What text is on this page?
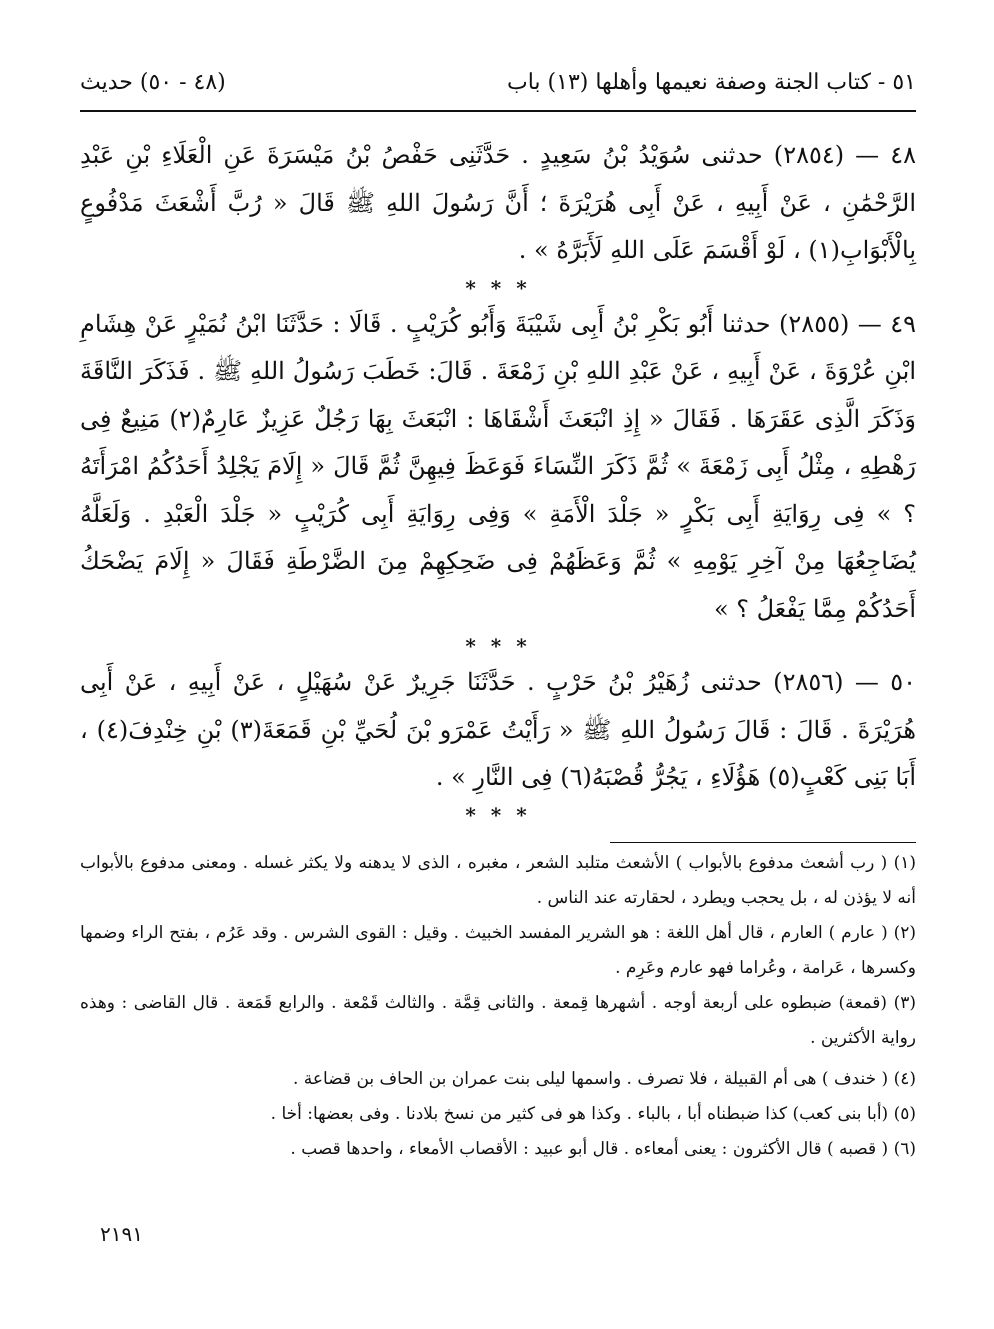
٥١ - كتاب الجنة وصفة نعيمها وأهلها (١٣) باب
(٤٨ - ٥٠) حديث

٤٨ — (٢٨٥٤) حدثنى سُوَيْدُ بْنُ سَعِيدٍ . حَدَّثَنِى حَفْصُ بْنُ مَيْسَرَةَ عَنِ الْعَلَاءِ بْنِ عَبْدِ الرَّحْمَٰنِ ، عَنْ أَبِيهِ ، عَنْ أَبِى هُرَيْرَةَ ؛ أَنَّ رَسُولَ اللهِ ﷺ قَالَ « رُبَّ أَشْعَثَ مَدْفُوعٍ بِالْأَبْوَابِ(١) ، لَوْ أَقْسَمَ عَلَى اللهِ لَأَبَرَّهُ » .

* * *

٤٩ — (٢٨٥٥) حدثنا أَبُو بَكْرِ بْنُ أَبِى شَيْبَةَ وَأَبُو كُرَيْبٍ . قَالَا : حَدَّثَنَا ابْنُ نُمَيْرٍ عَنْ هِشَامِ ابْنِ عُرْوَةَ ، عَنْ أَبِيهِ ، عَنْ عَبْدِ اللهِ بْنِ زَمْعَةَ . قَالَ: خَطَبَ رَسُولُ اللهِ ﷺ . فَذَكَرَ النَّاقَةَ وَذَكَرَ الَّذِى عَقَرَهَا . فَقَالَ « إِذِ انْبَعَثَ أَشْقَاهَا : انْبَعَثَ بِهَا رَجُلٌ عَزِيزٌ عَارِمٌ(٢) مَنِيعٌ فِى رَهْطِهِ ، مِثْلُ أَبِى زَمْعَةَ » ثُمَّ ذَكَرَ النِّسَاءَ فَوَعَظَ فِيهِنَّ ثُمَّ قَالَ « إِلَامَ يَجْلِدُ أَحَدُكُمُ امْرَأَتَهُ ؟ » فِى رِوَايَةِ أَبِى بَكْرٍ « جَلْدَ الْأَمَةِ » وَفِى رِوَايَةِ أَبِى كُرَيْبٍ « جَلْدَ الْعَبْدِ . وَلَعَلَّهُ يُضَاجِعُهَا مِنْ آخِرِ يَوْمِهِ » ثُمَّ وَعَظَهُمْ فِى ضَحِكِهِمْ مِنَ الضَّرْطَةِ فَقَالَ « إِلَامَ يَضْحَكُ أَحَدُكُمْ مِمَّا يَفْعَلُ ؟ »

* * *

٥٠ — (٢٨٥٦) حدثنى زُهَيْرُ بْنُ حَرْبٍ . حَدَّثَنَا جَرِيرٌ عَنْ سُهَيْلٍ ، عَنْ أَبِيهِ ، عَنْ أَبِى هُرَيْرَةَ . قَالَ : قَالَ رَسُولُ اللهِ ﷺ « رَأَيْتُ عَمْرَو بْنَ لُحَيِّ بْنِ قَمَعَةَ(٣) بْنِ خِنْدِفَ(٤) ، أَبَا بَنِى كَعْبٍ(٥) هَؤُلَاءِ ، يَجُرُّ قُصْبَهُ(٦) فِى النَّارِ » .

* * *

(١) ( رب أشعث مدفوع بالأبواب ) الأشعث متلبد الشعر ، مغبره ، الذى لا يدهنه ولا يكثر غسله . ومعنى مدفوع بالأبواب أنه لا يؤذن له ، بل يحجب ويطرد ، لحقارته عند الناس .

(٢) ( عارم ) العارم ، قال أهل اللغة : هو الشرير المفسد الخبيث . وقيل : القوى الشرس . وقد عَرُم ، بفتح الراء وضمها وكسرها ، عَرامة ، وعُراما فهو عارم وعَرِم .

(٣) (قمعة) ضبطوه على أربعة أوجه . أشهرها قِمعة . والثانى قِمَّة . والثالث قَمْعة . والرابع قَمَعة . قال القاضى : وهذه رواية الأكثرين .

(٤) ( خندف ) هى أم القبيلة ، فلا تصرف . واسمها ليلى بنت عمران بن الحاف بن قضاعة .

(٥) (أبا بنى كعب) كذا ضبطناه أبا ، بالباء . وكذا هو فى كثير من نسخ بلادنا . وفى بعضها: أخا .

(٦) ( قصبه ) قال الأكثرون : يعنى أمعاءه . قال أبو عبيد : الأقصاب الأمعاء ، واحدها قصب .

٢١٩١
